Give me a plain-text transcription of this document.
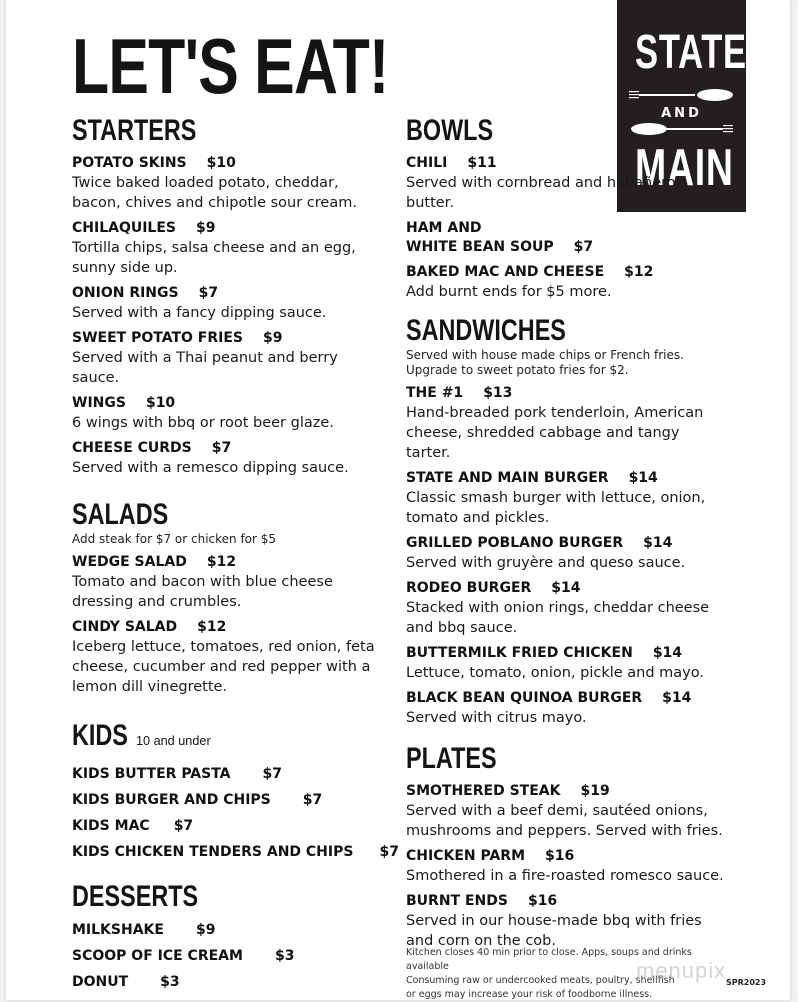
LET'S EAT!	STATE
AND
MAIN
STARTERS
POTATO SKINS $10
Twice baked loaded potato, cheddar, bacon, chives and chipotle sour cream.
CHILAQUILES $9
Tortilla chips, salsa cheese and an egg, sunny side up.
ONION RINGS $7
Served with a fancy dipping sauce.
SWEET POTATO FRIES $9
Served with a Thai peanut and berry sauce.
WINGS $10
6 wings with bbq or root beer glaze.
CHEESE CURDS $7
Served with a remesco dipping sauce.
SALADS
Add steak for $7 or chicken for $5
WEDGE SALAD $12
Tomato and bacon with blue cheese dressing and crumbles.
CINDY SALAD $12
Iceberg lettuce, tomatoes, red onion, feta cheese, cucumber and red pepper with a lemon dill vinegrette.
KIDS 10 and under
KIDS BUTTER PASTA $7
KIDS BURGER AND CHIPS $7
KIDS MAC $7
KIDS CHICKEN TENDERS AND CHIPS $7
DESSERTS
MILKSHAKE $9
SCOOP OF ICE CREAM $3
DONUT $3
BOWLS
CHILI $11
Served with cornbread and habañero butter.
HAM AND
WHITE BEAN SOUP $7
BAKED MAC AND CHEESE $12
Add burnt ends for $5 more.
SANDWICHES
Served with house made chips or French fries. Upgrade to sweet potato fries for $2.
THE #1 $13
Hand-breaded pork tenderloin, American cheese, shredded cabbage and tangy tarter.
STATE AND MAIN BURGER $14
Classic smash burger with lettuce, onion, tomato and pickles.
GRILLED POBLANO BURGER $14
Served with gruyère and queso sauce.
RODEO BURGER $14
Stacked with onion rings, cheddar cheese and bbq sauce.
BUTTERMILK FRIED CHICKEN $14
Lettuce, tomato, onion, pickle and mayo.
BLACK BEAN QUINOA BURGER $14
Served with citrus mayo.
PLATES
SMOTHERED STEAK $19
Served with a beef demi, sautéed onions, mushrooms and peppers. Served with fries.
CHICKEN PARM $16
Smothered in a fire-roasted romesco sauce.
BURNT ENDS $16
Served in our house-made bbq with fries and corn on the cob.
Kitchen closes 40 min prior to close. Apps, soups and drinks available
Consuming raw or undercooked meats, poultry, shellfish
or eggs may increase your risk of foodborne illness.
menupix SPR2023
